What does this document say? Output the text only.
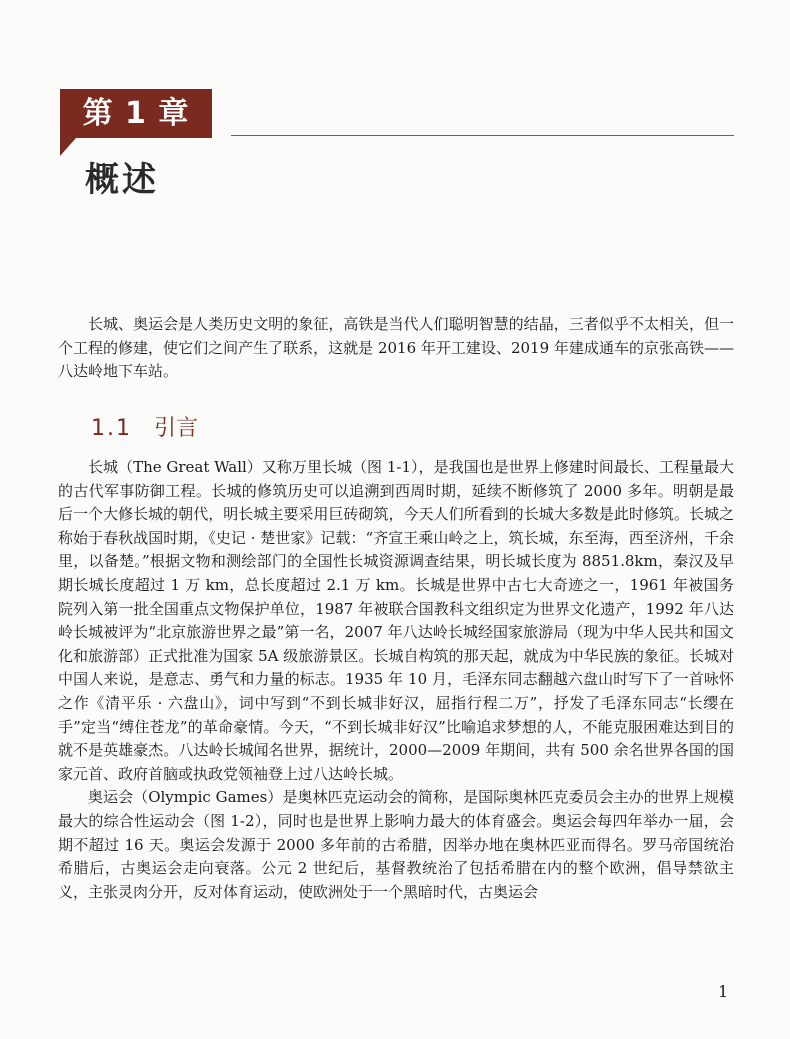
第 1 章
概述

长城、奥运会是人类历史文明的象征，高铁是当代人们聪明智慧的结晶，三者似乎不太相关，但一个工程的修建，使它们之间产生了联系，这就是 2016 年开工建设、2019 年建成通车的京张高铁——八达岭地下车站。

1.1 引言

长城（The Great Wall）又称万里长城（图 1-1），是我国也是世界上修建时间最长、工程量最大的古代军事防御工程。长城的修筑历史可以追溯到西周时期，延续不断修筑了 2000 多年。明朝是最后一个大修长城的朝代，明长城主要采用巨砖砌筑，今天人们所看到的长城大多数是此时修筑。长城之称始于春秋战国时期，《史记 · 楚世家》记载：“齐宣王乘山岭之上，筑长城，东至海，西至济州，千余里，以备楚。”根据文物和测绘部门的全国性长城资源调查结果，明长城长度为 8851.8km，秦汉及早期长城长度超过 1 万 km，总长度超过 2.1 万 km。长城是世界中古七大奇迹之一，1961 年被国务院列入第一批全国重点文物保护单位，1987 年被联合国教科文组织定为世界文化遗产，1992 年八达岭长城被评为“北京旅游世界之最”第一名，2007 年八达岭长城经国家旅游局（现为中华人民共和国文化和旅游部）正式批准为国家 5A 级旅游景区。长城自构筑的那天起，就成为中华民族的象征。长城对中国人来说，是意志、勇气和力量的标志。1935 年 10 月，毛泽东同志翻越六盘山时写下了一首咏怀之作《清平乐 · 六盘山》，词中写到“不到长城非好汉，屈指行程二万”，抒发了毛泽东同志“长缨在手”定当“缚住苍龙”的革命豪情。今天，“不到长城非好汉”比喻追求梦想的人，不能克服困难达到目的就不是英雄豪杰。八达岭长城闻名世界，据统计，2000—2009 年期间，共有 500 余名世界各国的国家元首、政府首脑或执政党领袖登上过八达岭长城。

奥运会（Olympic Games）是奥林匹克运动会的简称，是国际奥林匹克委员会主办的世界上规模最大的综合性运动会（图 1-2），同时也是世界上影响力最大的体育盛会。奥运会每四年举办一届，会期不超过 16 天。奥运会发源于 2000 多年前的古希腊，因举办地在奥林匹亚而得名。罗马帝国统治希腊后，古奥运会走向衰落。公元 2 世纪后，基督教统治了包括希腊在内的整个欧洲，倡导禁欲主义，主张灵肉分开，反对体育运动，使欧洲处于一个黑暗时代，古奥运会

1
